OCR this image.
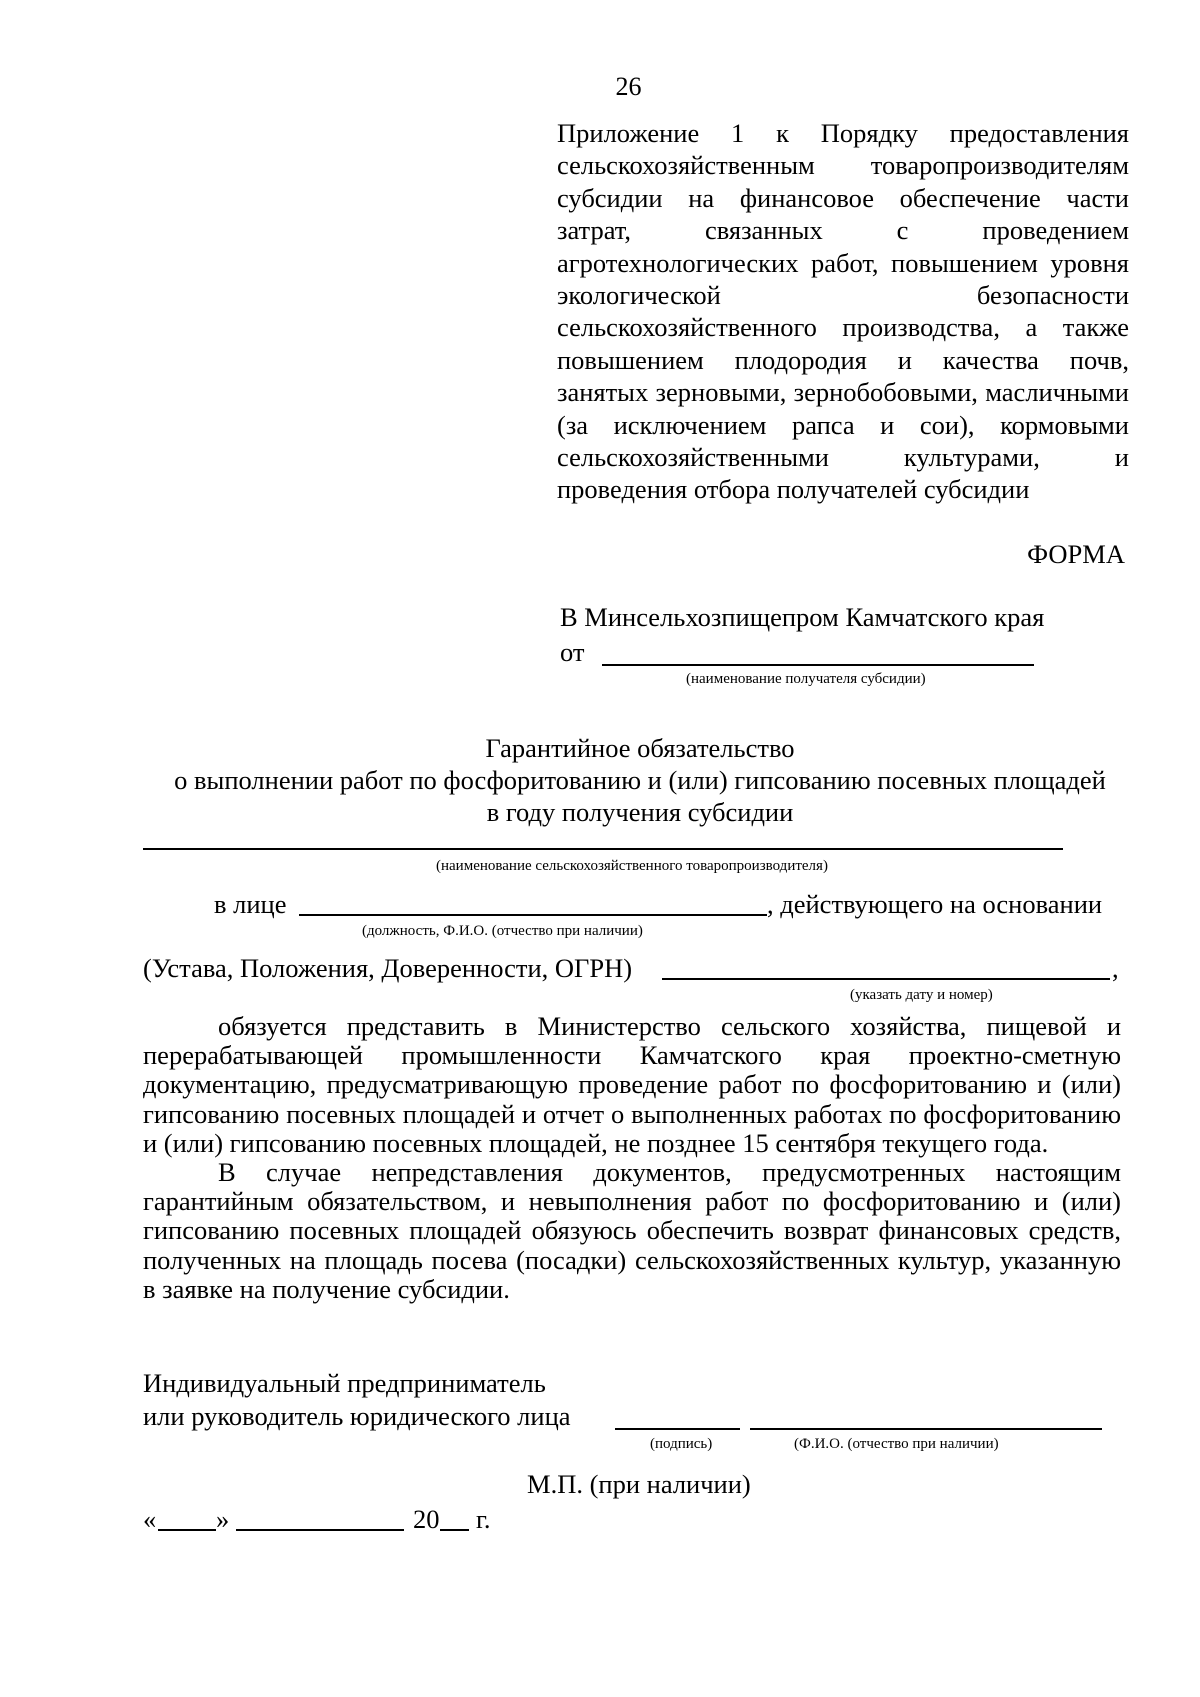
26
Приложение 1 к Порядку предоставления сельскохозяйственным товаропроизводителям субсидии на финансовое обеспечение части затрат, связанных с проведением агротехнологических работ, повышением уровня экологической безопасности сельскохозяйственного производства, а также повышением плодородия и качества почв, занятых зерновыми, зернобобовыми, масличными (за исключением рапса и сои), кормовыми сельскохозяйственными культурами, и проведения отбора получателей субсидии
ФОРМА
В Минсельхозпищепром Камчатского края
от
(наименование получателя субсидии)
Гарантийное обязательство
о выполнении работ по фосфоритованию и (или) гипсованию посевных площадей
в году получения субсидии
(наименование сельскохозяйственного товаропроизводителя)
в лице	, действующего на основании
(должность, Ф.И.О. (отчество при наличии)
(Устава, Положения, Доверенности, ОГРН)	,
(указать дату и номер)

обязуется представить в Министерство сельского хозяйства, пищевой и перерабатывающей промышленности Камчатского края проектно-сметную документацию, предусматривающую проведение работ по фосфоритованию и (или) гипсованию посевных площадей и отчет о выполненных работах по фосфоритованию и (или) гипсованию посевных площадей, не позднее 15 сентября текущего года.

В случае непредставления документов, предусмотренных настоящим гарантийным обязательством, и невыполнения работ по фосфоритованию и (или) гипсованию посевных площадей обязуюсь обеспечить возврат финансовых средств, полученных на площадь посева (посадки) сельскохозяйственных культур, указанную в заявке на получение субсидии.

Индивидуальный предприниматель
или руководитель юридического лица
(подпись)	(Ф.И.О. (отчество при наличии)
М.П. (при наличии)
« »	20 г.
